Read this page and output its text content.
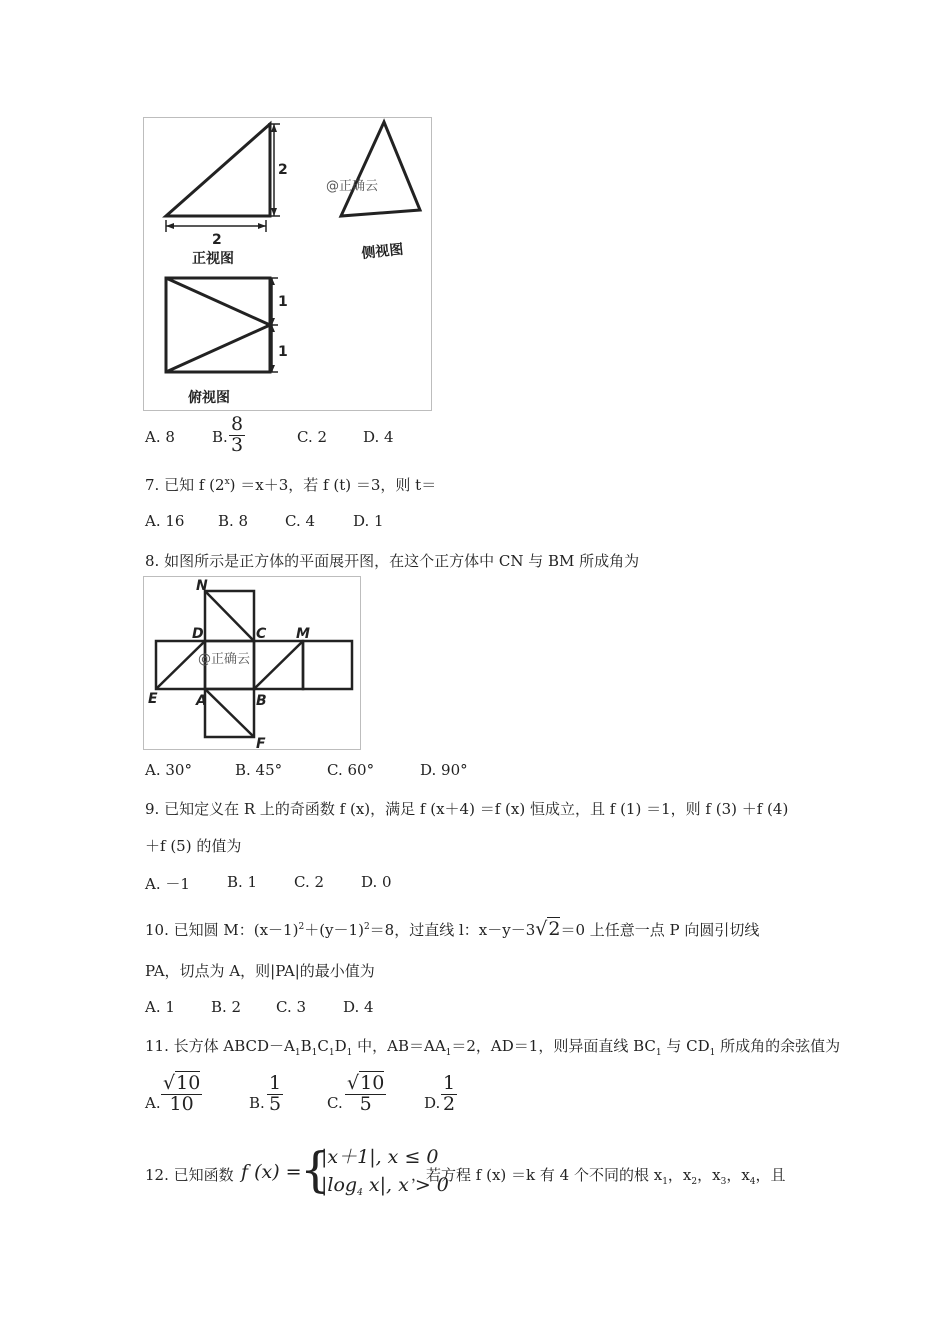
2
2
正视图
@正确云
侧视图
1
1
俯视图
A. 8 B. $\frac{8}{3}$	C. 2 D. 4
7. 已知 f $(2^x) =x+3$，若 f (t) ＝3，则 t＝
A. 16 B. 8 C. 4	D. 1
8. 如图所示是正方体的平面展开图，在这个正方体中 CN 与 BM 所成角为
N
D	C M
E	A	B
F
@正确云
A. 30°	B. 45°	C. 60°	D. 90°
9. 已知定义在 R 上的奇函数 f (x)，满足 f (x＋4) ＝f (x) 恒成立，且 f (1) ＝1，则 f (3) ＋f (4)
＋f (5) 的值为
A. －1 B. 1 C. 2 D. 0
10. 已知圆 M：$(x-1)^2+(y-1)^2=8$，过直线 l：x－y－3√2＝0 上任意一点 P 向圆引切线
PA，切点为 A，则|PA|的最小值为
A. 1 B. 2 C. 3 D. 4
11. 长方体 $ABCD-A_1B_1C_1D_1$ 中，$AB=AA_1=2$，AD＝1，则异面直线 $BC_1$ 与 $CD_1$ 所成角的余弦值为
A. $\frac{√10}{10}$	B. $\frac{1}{5}$	C. $\frac{√10}{5}$	D. $\frac{1}{2}$
12. 已知函数 f (x) =
{
|x＋1|, x ≤ 0
$|\log_4$ x|, x > 0
，若方程 f (x) ＝k 有 4 个不同的根 $x_1$，$x_2$，$x_3$，$x_4$，且
